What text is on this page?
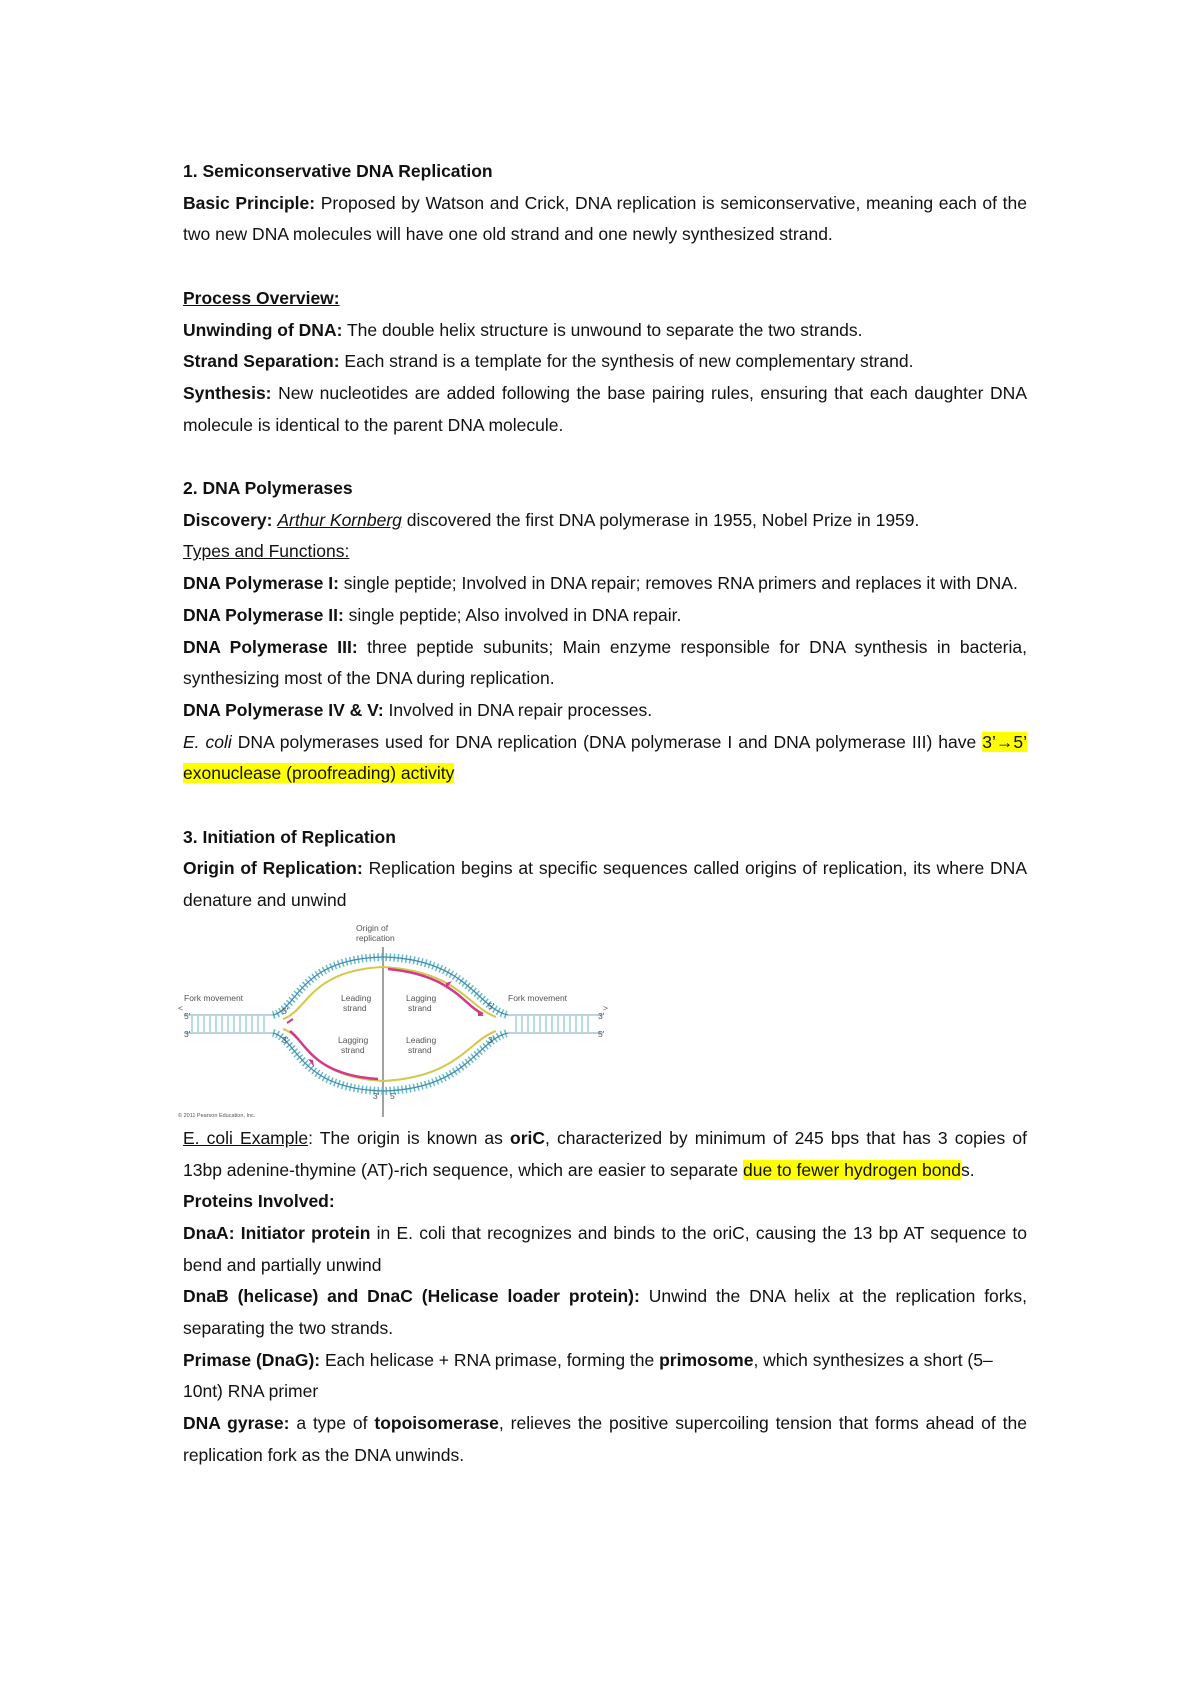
1. Semiconservative DNA Replication

Basic Principle: Proposed by Watson and Crick, DNA replication is semiconservative, meaning each of the two new DNA molecules will have one old strand and one newly synthesized strand.

Process Overview:

Unwinding of DNA: The double helix structure is unwound to separate the two strands.

Strand Separation: Each strand is a template for the synthesis of new complementary strand.

Synthesis: New nucleotides are added following the base pairing rules, ensuring that each daughter DNA molecule is identical to the parent DNA molecule.

2. DNA Polymerases

Discovery: Arthur Kornberg discovered the first DNA polymerase in 1955, Nobel Prize in 1959.

Types and Functions:

DNA Polymerase I: single peptide; Involved in DNA repair; removes RNA primers and replaces it with DNA.

DNA Polymerase II: single peptide; Also involved in DNA repair.

DNA Polymerase III: three peptide subunits; Main enzyme responsible for DNA synthesis in bacteria, synthesizing most of the DNA during replication.

DNA Polymerase IV & V: Involved in DNA repair processes.

E. coli DNA polymerases used for DNA replication (DNA polymerase I and DNA polymerase III) have 3’→5’ exonuclease (proofreading) activity

3. Initiation of Replication

Origin of Replication: Replication begins at specific sequences called origins of replication, its where DNA denature and unwind

Origin of
replication
Fork movement	Fork movement
<	>
Leading
strand
Lagging
strand
Lagging
strand
Leading
strand
5'
3'
3'
5'
5'
3'
5'
3'
3' 5'
© 2011 Pearson Education, Inc.

E. coli Example: The origin is known as oriC, characterized by minimum of 245 bps that has 3 copies of 13bp adenine-thymine (AT)-rich sequence, which are easier to separate due to fewer hydrogen bonds.

Proteins Involved:

DnaA: Initiator protein in E. coli that recognizes and binds to the oriC, causing the 13 bp AT sequence to bend and partially unwind

DnaB (helicase) and DnaC (Helicase loader protein): Unwind the DNA helix at the replication forks, separating the two strands.

Primase (DnaG): Each helicase + RNA primase, forming the primosome, which synthesizes a short (5–10nt) RNA primer

DNA gyrase: a type of topoisomerase, relieves the positive supercoiling tension that forms ahead of the replication fork as the DNA unwinds.
